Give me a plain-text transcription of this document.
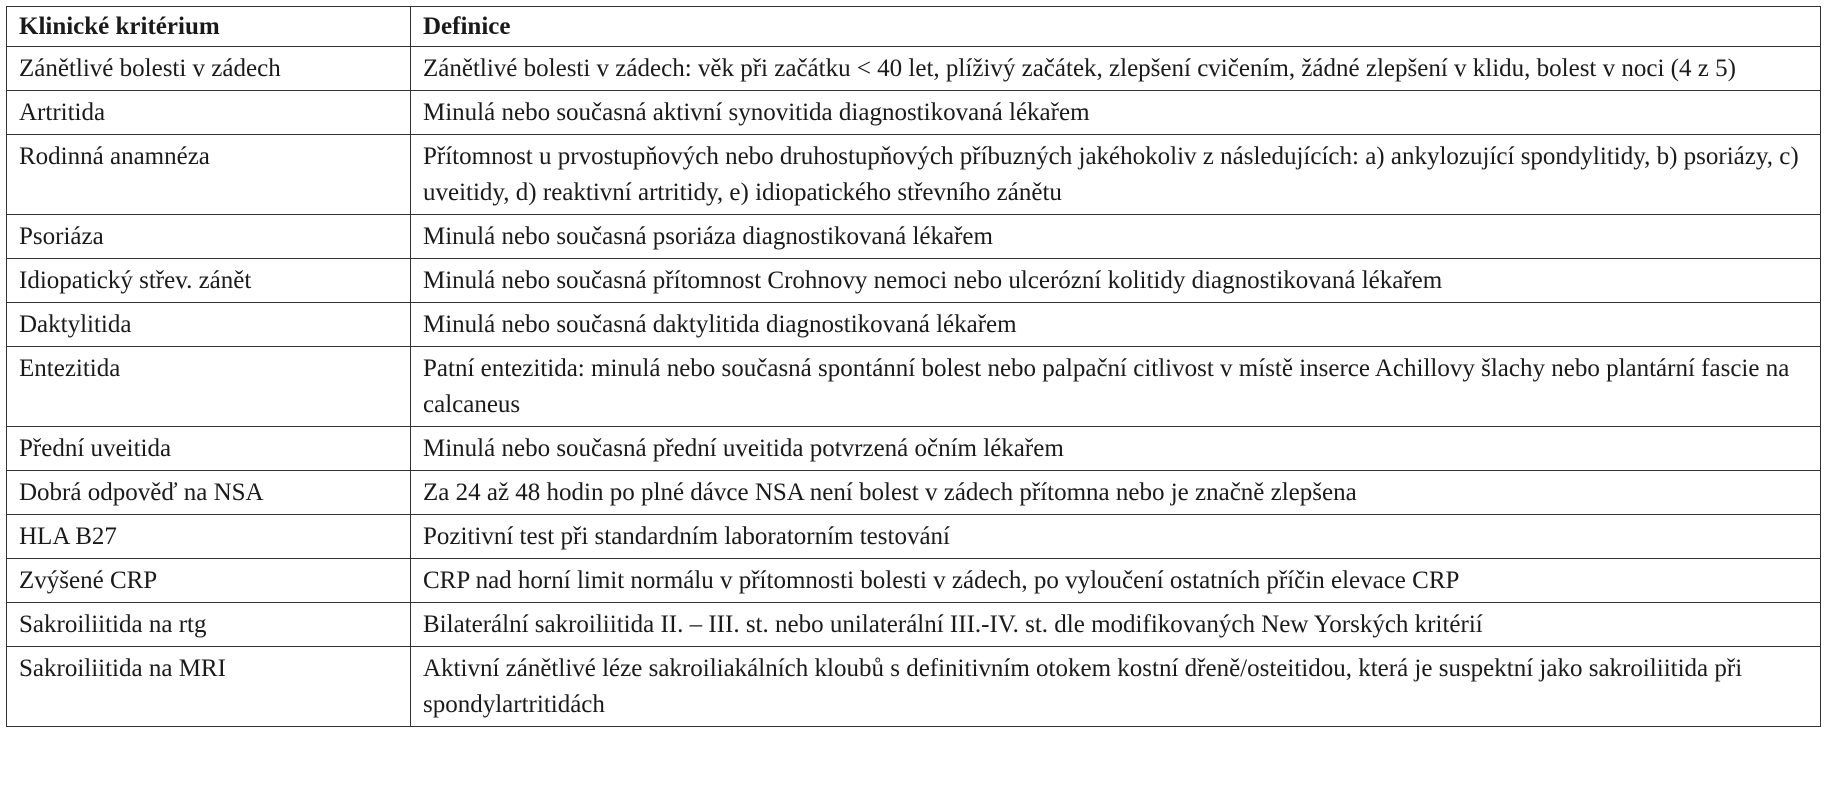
Klinické kritérium	Definice
Zánětlivé bolesti v zádech	Zánětlivé bolesti v zádech: věk při začátku < 40 let, plíživý začátek, zlepšení cvičením, žádné zlepšení v klidu, bolest v noci (4 z 5)
Artritida	Minulá nebo současná aktivní synovitida diagnostikovaná lékařem
Rodinná anamnéza	Přítomnost u prvostupňových nebo druhostupňových příbuzných jakéhokoliv z následujících: a) ankylozující spondylitidy, b) psoriázy, c) uveitidy, d) reaktivní artritidy, e) idiopatického střevního zánětu
Psoriáza	Minulá nebo současná psoriáza diagnostikovaná lékařem
Idiopatický střev. zánět	Minulá nebo současná přítomnost Crohnovy nemoci nebo ulcerózní kolitidy diagnostikovaná lékařem
Daktylitida	Minulá nebo současná daktylitida diagnostikovaná lékařem
Entezitida	Patní entezitida: minulá nebo současná spontánní bolest nebo palpační citlivost v místě inserce Achillovy šlachy nebo plantární fascie na calcaneus
Přední uveitida	Minulá nebo současná přední uveitida potvrzená očním lékařem
Dobrá odpověď na NSA	Za 24 až 48 hodin po plné dávce NSA není bolest v zádech přítomna nebo je značně zlepšena
HLA B27	Pozitivní test při standardním laboratorním testování
Zvýšené CRP	CRP nad horní limit normálu v přítomnosti bolesti v zádech, po vyloučení ostatních příčin elevace CRP
Sakroiliitida na rtg	Bilaterální sakroiliitida II. – III. st. nebo unilaterální III.-IV. st. dle modifikovaných New Yorských kritérií
Sakroiliitida na MRI	Aktivní zánětlivé léze sakroiliakálních kloubů s definitivním otokem kostní dřeně/osteitidou, která je suspektní jako sakroiliitida při spondylartritidách
